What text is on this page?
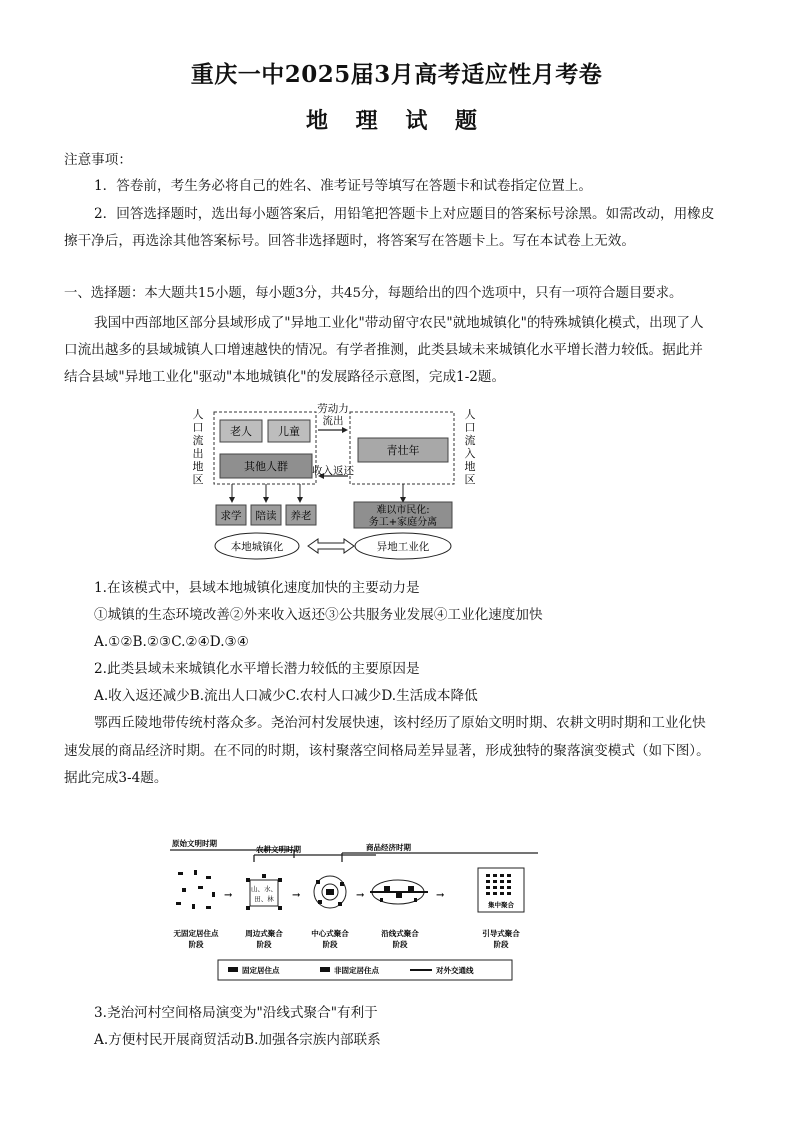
重庆一中2025届3月高考适应性月考卷
地 理 试 题
注意事项：
1．答卷前，考生务必将自己的姓名、准考证号等填写在答题卡和试卷指定位置上。
2．回答选择题时，选出每小题答案后，用铅笔把答题卡上对应题目的答案标号涂黑。如需改动，用橡皮
擦干净后，再选涂其他答案标号。回答非选择题时，将答案写在答题卡上。写在本试卷上无效。
一、选择题：本大题共15小题，每小题3分，共45分，每题给出的四个选项中，只有一项符合题目要求。
我国中西部地区部分县域形成了"异地工业化"带动留守农民"就地城镇化"的特殊城镇化模式，出现了人
口流出越多的县域城镇人口增速越快的情况。有学者推测，此类县域未来城镇化水平增长潜力较低。据此并
结合县域"异地工业化"驱动"本地城镇化"的发展路径示意图，完成1-2题。
人口流出地区
人口流入地区
老人 儿童
其他人群
青壮年
劳动力
流出
收入返还
求学 陪读 养老	难以市民化:
务工+家庭分离
本地城镇化	异地工业化
1.在该模式中，县域本地城镇化速度加快的主要动力是
①城镇的生态环境改善②外来收入返还③公共服务业发展④工业化速度加快
A.①②B.②③C.②④D.③④
2.此类县域未来城镇化水平增长潜力较低的主要原因是
A.收入返还减少B.流出人口减少C.农村人口减少D.生活成本降低
鄂西丘陵地带传统村落众多。尧治河村发展快速，该村经历了原始文明时期、农耕文明时期和工业化快
速发展的商品经济时期。在不同的时期，该村聚落空间格局差异显著，形成独特的聚落演变模式（如下图）。
据此完成3-4题。
原始文明时期
农耕文明时期	商品经济时期
→
山、水、
田、林 →	→	→
集中聚合
无固定居住点
阶段
周边式聚合
阶段
中心式聚合
阶段
沿线式聚合
阶段
引导式聚合
阶段
固定居住点	非固定居住点	对外交通线
3.尧治河村空间格局演变为"沿线式聚合"有利于
A.方便村民开展商贸活动B.加强各宗族内部联系
